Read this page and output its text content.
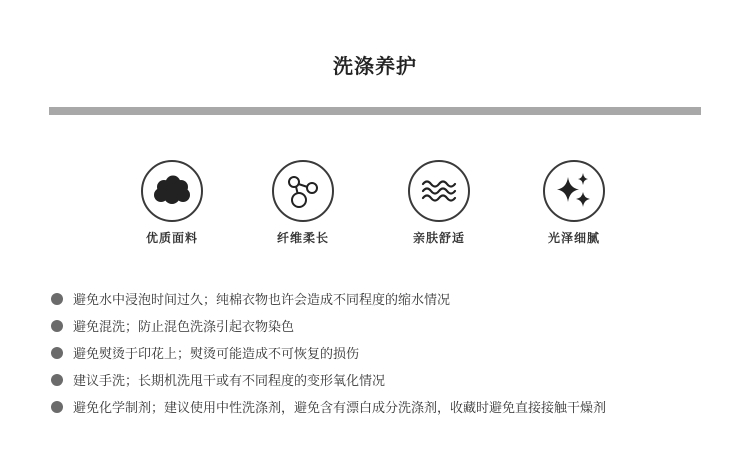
洗涤养护
优质面料	纤维柔长	亲肤舒适	光泽细腻
避免水中浸泡时间过久；纯棉衣物也许会造成不同程度的缩水情况
避免混洗；防止混色洗涤引起衣物染色
避免熨烫于印花上；熨烫可能造成不可恢复的损伤
建议手洗；长期机洗甩干或有不同程度的变形氧化情况
避免化学制剂；建议使用中性洗涤剂，避免含有漂白成分洗涤剂，收藏时避免直接接触干燥剂
